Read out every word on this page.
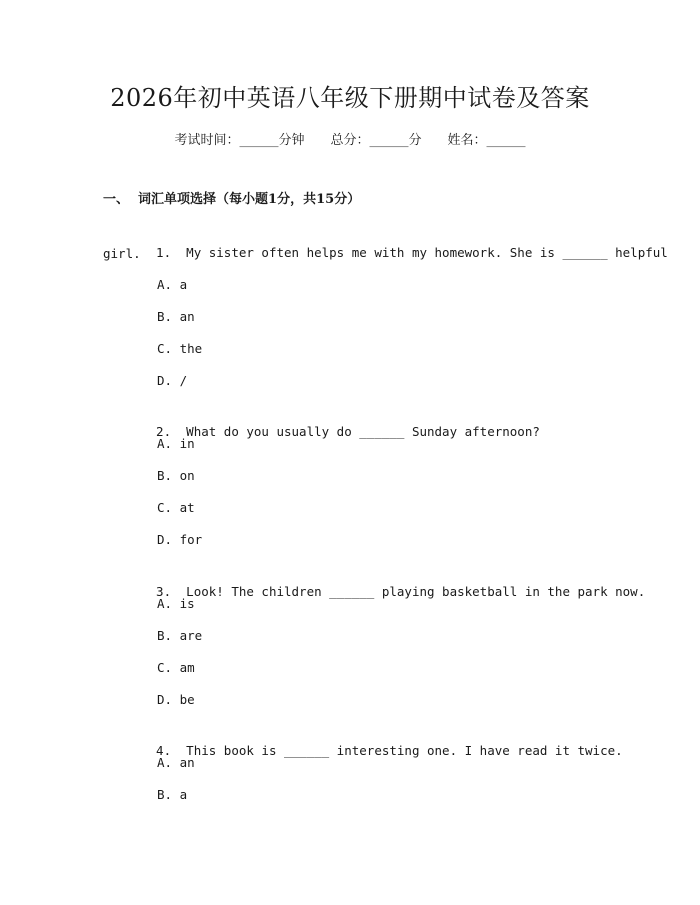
2026年初中英语八年级下册期中试卷及答案
考试时间：______分钟 总分：______分 姓名：______
一、  词汇单项选择（每小题1分，共15分）

1. My sister often helps me with my homework. She is ______ helpful

girl.
A. a
B. an
C. the
D. /

2. What do you usually do ______ Sunday afternoon?

A. in
B. on
C. at
D. for

3. Look! The children ______ playing basketball in the park now.

A. is
B. are
C. am
D. be

4. This book is ______ interesting one. I have read it twice.

A. an
B. a
